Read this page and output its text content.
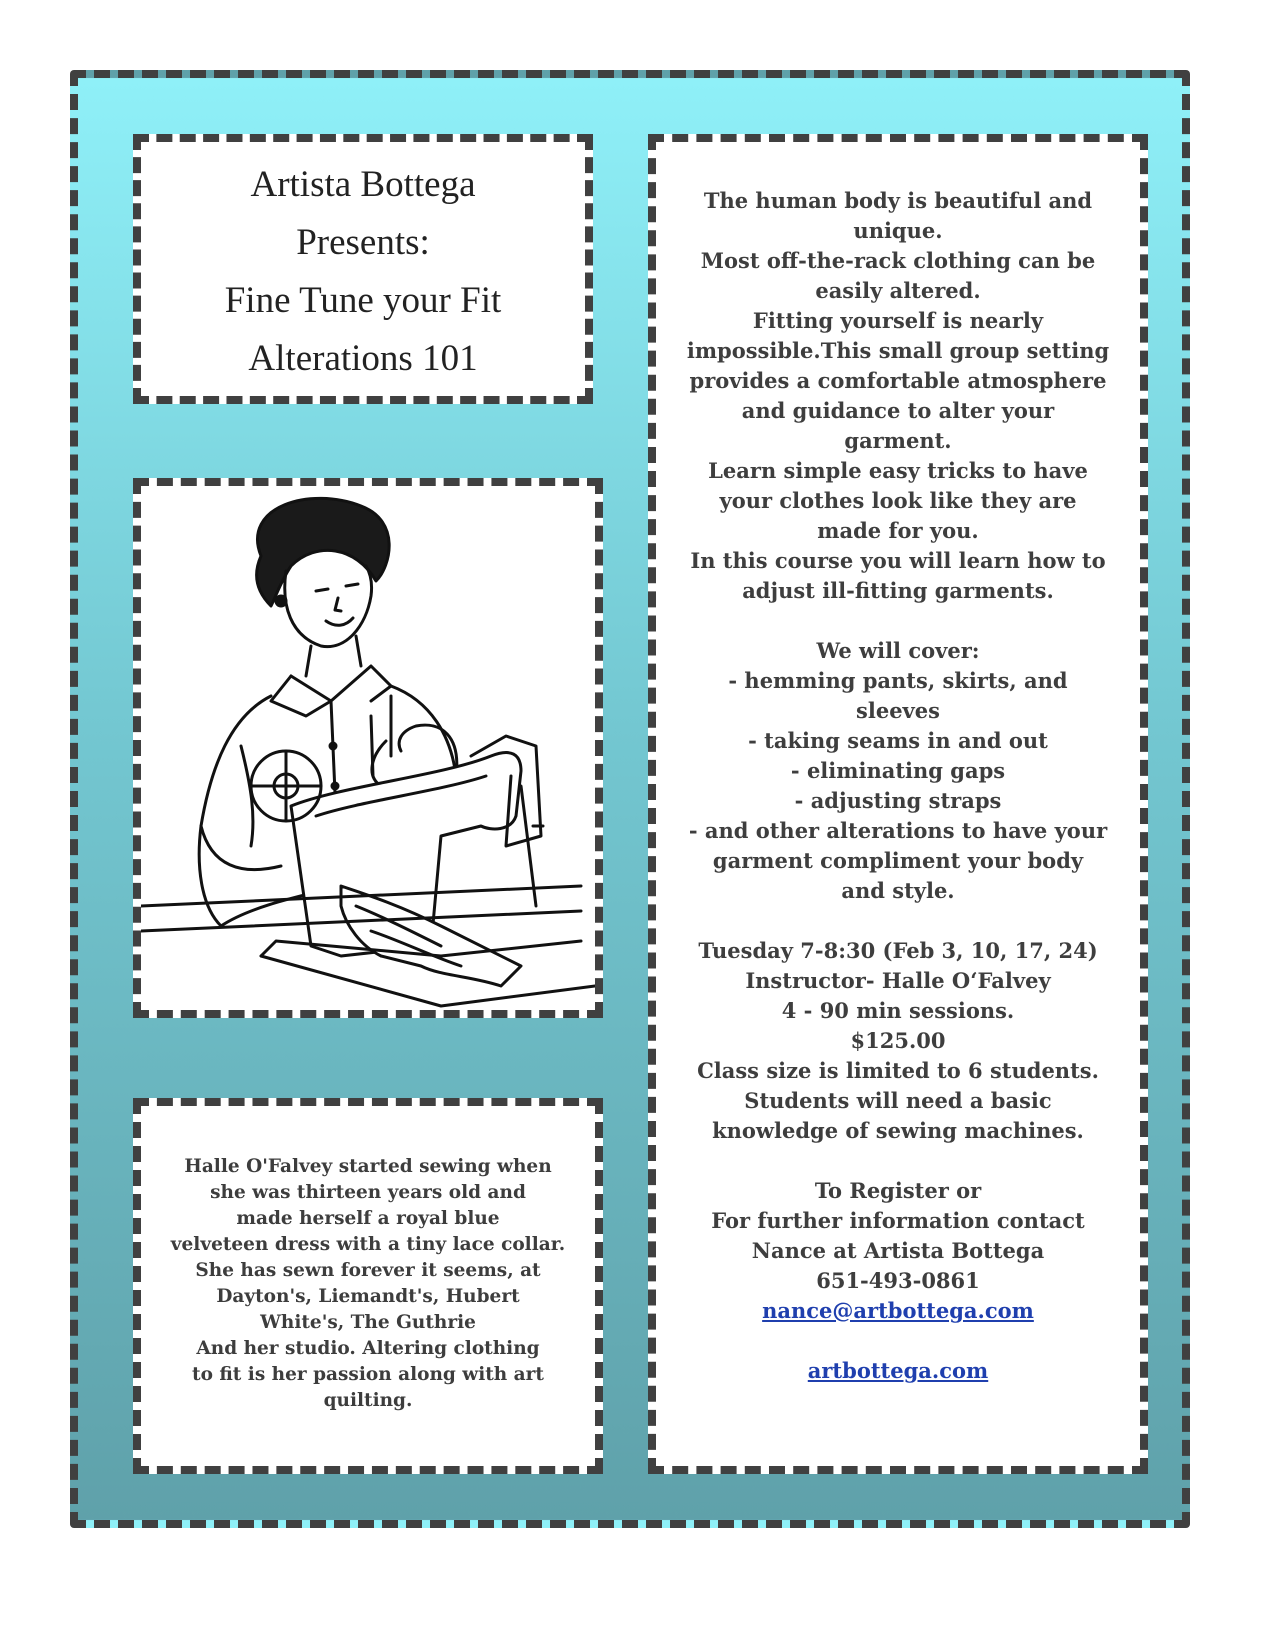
Artista Bottega
Presents:
Fine Tune your Fit
Alterations 101
Halle O'Falvey started sewing when
she was thirteen years old and
made herself a royal blue
velveteen dress with a tiny lace collar.
She has sewn forever it seems, at
Dayton's, Liemandt's, Hubert
White's, The Guthrie
And her studio. Altering clothing
to fit is her passion along with art
quilting.
The human body is beautiful and
unique.
Most off-the-rack clothing can be
easily altered.
Fitting yourself is nearly
impossible.This small group setting
provides a comfortable atmosphere
and guidance to alter your
garment.
Learn simple easy tricks to have
your clothes look like they are
made for you.
In this course you will learn how to
adjust ill-fitting garments.
We will cover:
- hemming pants, skirts, and
sleeves
- taking seams in and out
- eliminating gaps
- adjusting straps
- and other alterations to have your
garment compliment your body
and style.
Tuesday 7-8:30 (Feb 3, 10, 17, 24)
Instructor- Halle O‘Falvey
4 - 90 min sessions.
$125.00
Class size is limited to 6 students.
Students will need a basic
knowledge of sewing machines.
To Register or
For further information contact
Nance at Artista Bottega
651-493-0861
nance@artbottega.com
artbottega.com
